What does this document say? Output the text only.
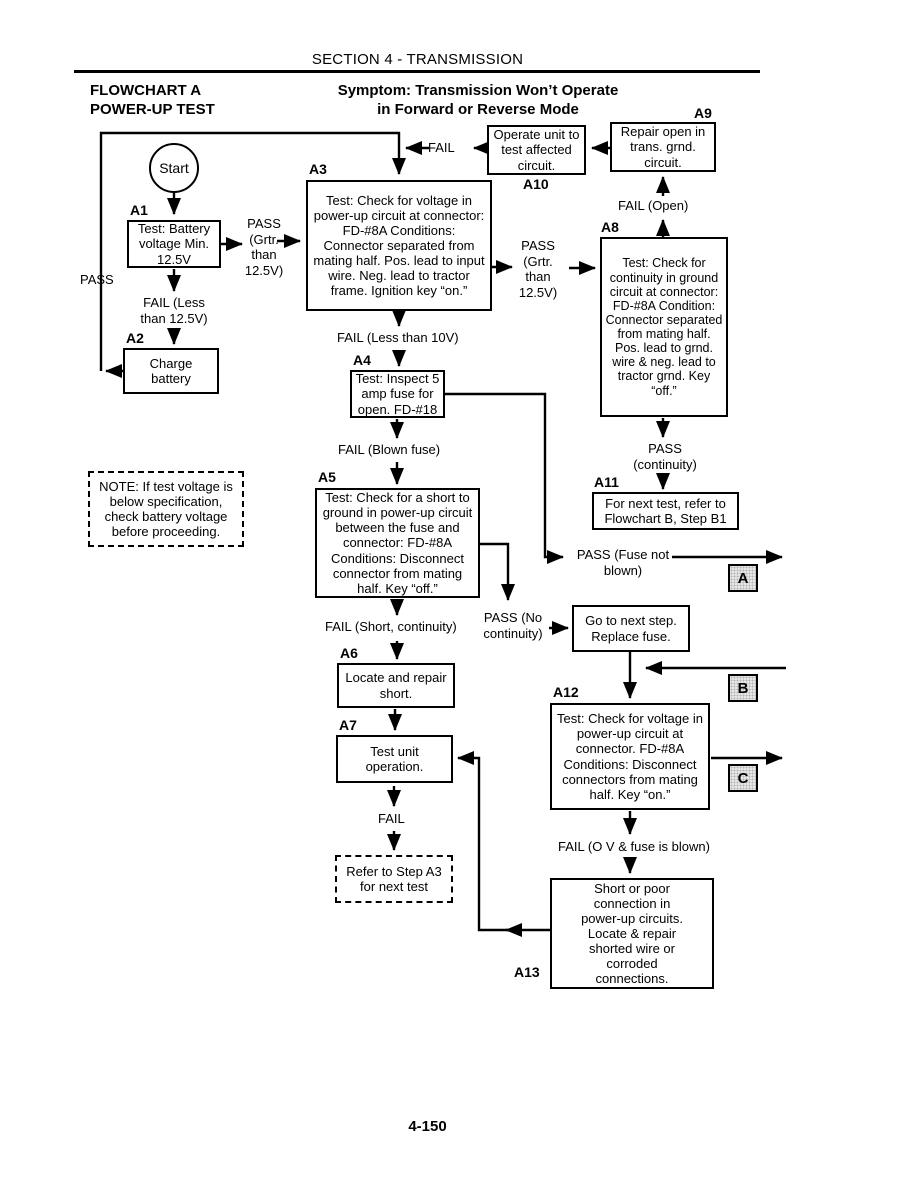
SECTION 4 - TRANSMISSION
FLOWCHART A
POWER-UP TEST
Symptom: Transmission Won’t Operate
in Forward or Reverse Mode
Start
A1
A2
A3
A4
A5
A6
A7
A8
A9
A10
A11
A12
A13
Test: Battery voltage Min. 12.5V
Charge battery
Test: Check for voltage in power-up circuit at connector: FD-#8A Conditions: Connector separated from mating half. Pos. lead to input wire. Neg. lead to tractor frame. Ignition key “on.”
Test: Inspect 5 amp fuse for open. FD-#18
Test: Check for a short to ground in power-up circuit between the fuse and connector: FD-#8A Conditions: Disconnect connector from mating half. Key “off.”
Locate and repair short.
Test unit operation.
Test: Check for continuity in ground circuit at connector: FD-#8A Condition: Connector separated from mating half. Pos. lead to grnd. wire & neg. lead to tractor grnd. Key “off.”
Repair open in trans. grnd. circuit.
Operate unit to test affected circuit.
For next test, refer to Flowchart B, Step B1
Test: Check for voltage in power-up circuit at connector. FD-#8A Conditions: Disconnect connectors from mating half. Key “on.”
Short or poor connection in power-up circuits. Locate & repair shorted wire or corroded connections.
Go to next step. Replace fuse.
NOTE: If test voltage is below specification, check battery voltage before proceeding.
Refer to Step A3 for next test
PASS
FAIL (Less than 12.5V)
PASS (Grtr. than 12.5V)
PASS (Grtr. than 12.5V)
FAIL (Less than 10V)
FAIL (Blown fuse)
FAIL (Short, continuity)
FAIL
FAIL (Open)
PASS (continuity)
PASS (Fuse not blown)
PASS (No continuity)
FAIL
FAIL (O V & fuse is blown)
A
B
C
4-150
